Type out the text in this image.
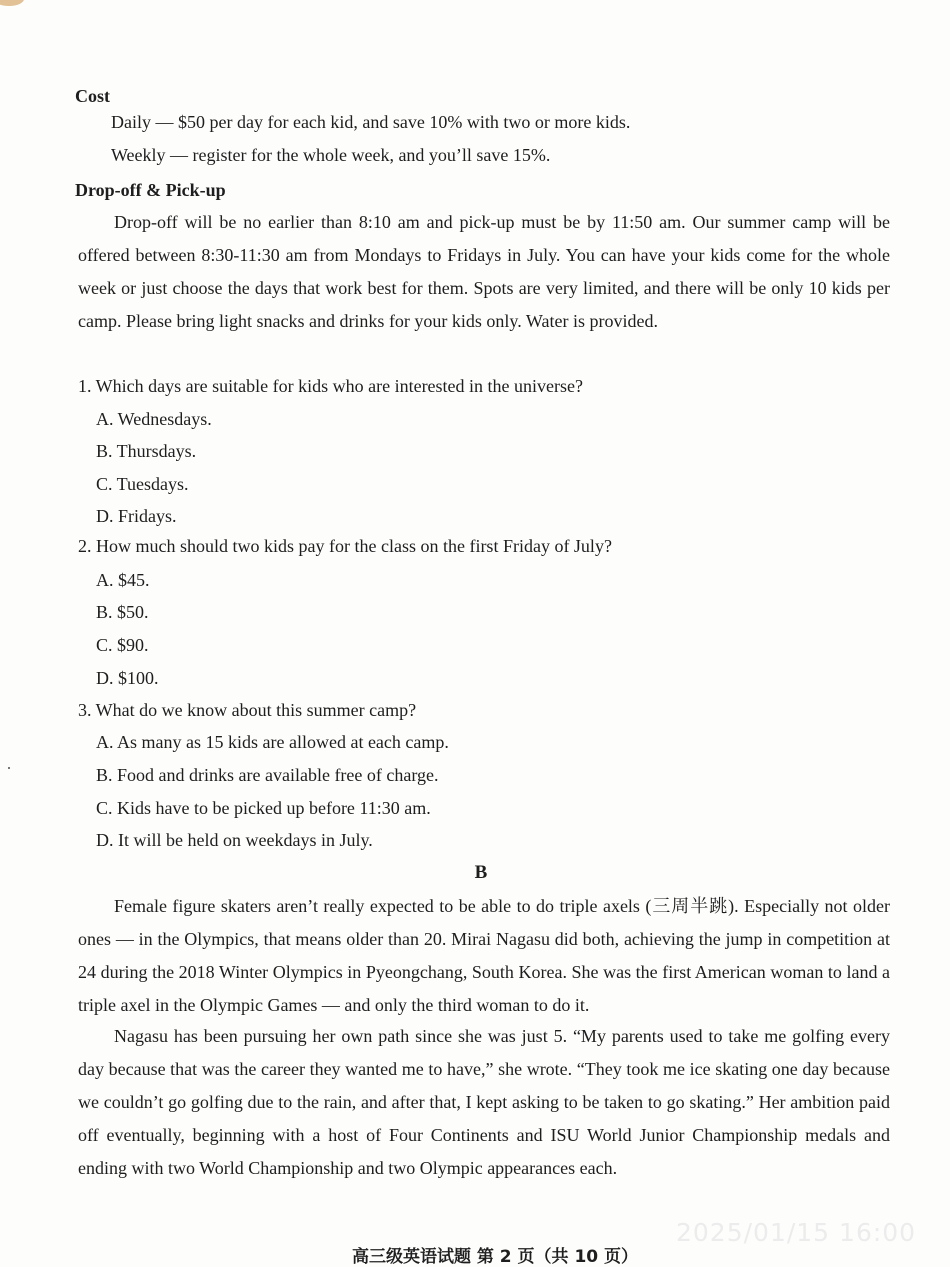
Cost
Daily — $50 per day for each kid, and save 10% with two or more kids.
Weekly — register for the whole week, and you’ll save 15%.
Drop-off & Pick-up
Drop-off will be no earlier than 8:10 am and pick-up must be by 11:50 am. Our summer camp will be offered between 8:30-11:30 am from Mondays to Fridays in July. You can have your kids come for the whole week or just choose the days that work best for them. Spots are very limited, and there will be only 10 kids per camp. Please bring light snacks and drinks for your kids only. Water is provided.
1. Which days are suitable for kids who are interested in the universe?
A. Wednesdays.
B. Thursdays.
C. Tuesdays.
D. Fridays.
2. How much should two kids pay for the class on the first Friday of July?
A. $45.
B. $50.
C. $90.
D. $100.
3. What do we know about this summer camp?
A. As many as 15 kids are allowed at each camp.
B. Food and drinks are available free of charge.
C. Kids have to be picked up before 11:30 am.
D. It will be held on weekdays in July.
B
Female figure skaters aren’t really expected to be able to do triple axels (三周半跳). Especially not older ones — in the Olympics, that means older than 20. Mirai Nagasu did both, achieving the jump in competition at 24 during the 2018 Winter Olympics in Pyeongchang, South Korea. She was the first American woman to land a triple axel in the Olympic Games — and only the third woman to do it.
Nagasu has been pursuing her own path since she was just 5. “My parents used to take me golfing every day because that was the career they wanted me to have,” she wrote. “They took me ice skating one day because we couldn’t go golfing due to the rain, and after that, I kept asking to be taken to go skating.” Her ambition paid off eventually, beginning with a host of Four Continents and ISU World Junior Championship medals and ending with two World Championship and two Olympic appearances each.
2025/01/15 16:00
高三级英语试题 第 2 页（共 10 页）
